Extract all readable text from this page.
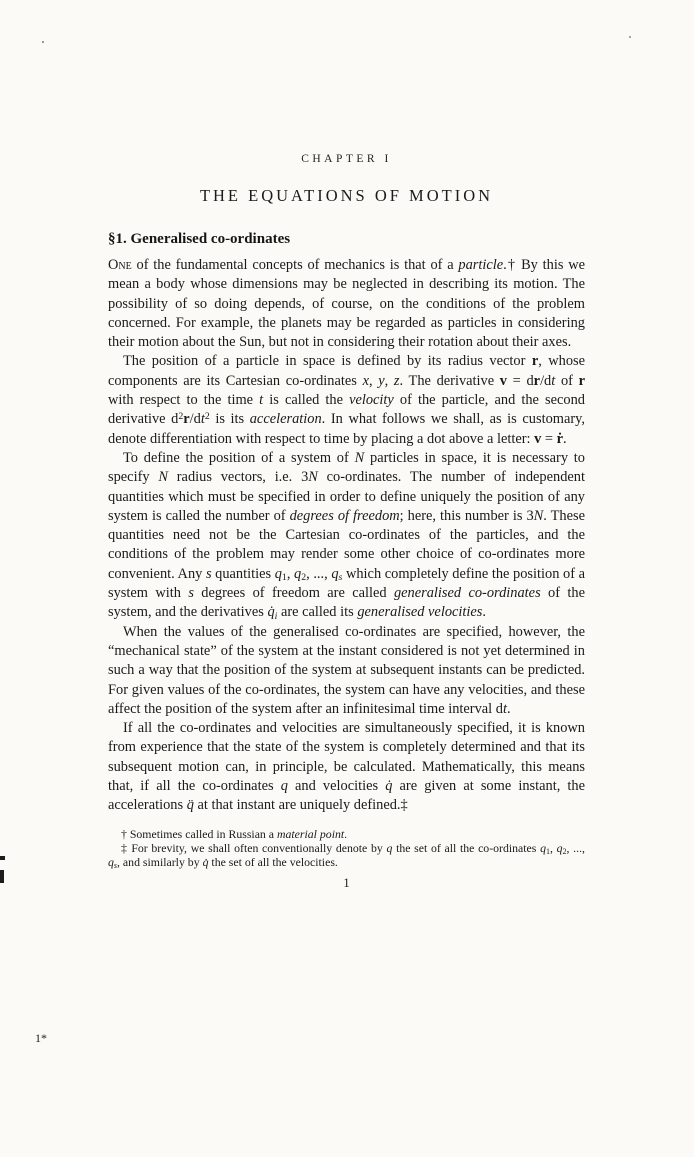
CHAPTER I
THE EQUATIONS OF MOTION
§1. Generalised co-ordinates

One of the fundamental concepts of mechanics is that of a particle.† By this we mean a body whose dimensions may be neglected in describing its motion. The possibility of so doing depends, of course, on the conditions of the problem concerned. For example, the planets may be regarded as particles in considering their motion about the Sun, but not in considering their rotation about their axes.

The position of a particle in space is defined by its radius vector r, whose components are its Cartesian co-ordinates x, y, z. The derivative v = dr/dt of r with respect to the time t is called the velocity of the particle, and the second derivative $d^2r/dt^2$ is its acceleration. In what follows we shall, as is customary, denote differentiation with respect to time by placing a dot above a letter: v = ṙ.

To define the position of a system of N particles in space, it is necessary to specify N radius vectors, i.e. 3N co-ordinates. The number of independent quantities which must be specified in order to define uniquely the position of any system is called the number of degrees of freedom; here, this number is 3N. These quantities need not be the Cartesian co-ordinates of the particles, and the conditions of the problem may render some other choice of co-ordinates more convenient. Any s quantities $q_1$, $q_2$, ..., $q_s$ which completely define the position of a system with s degrees of freedom are called generalised co-ordinates of the system, and the derivatives $q̇_i$ are called its generalised velocities.

When the values of the generalised co-ordinates are specified, however, the “mechanical state” of the system at the instant considered is not yet determined in such a way that the position of the system at subsequent instants can be predicted. For given values of the co-ordinates, the system can have any velocities, and these affect the position of the system after an infinitesimal time interval dt.

If all the co-ordinates and velocities are simultaneously specified, it is known from experience that the state of the system is completely determined and that its subsequent motion can, in principle, be calculated. Mathematically, this means that, if all the co-ordinates q and velocities q̇ are given at some instant, the accelerations q̈ at that instant are uniquely defined.‡

† Sometimes called in Russian a material point.

‡ For brevity, we shall often conventionally denote by q the set of all the co-ordinates $q_1$, $q_2$, ..., $q_s$, and similarly by q̇ the set of all the velocities.

1
1*
